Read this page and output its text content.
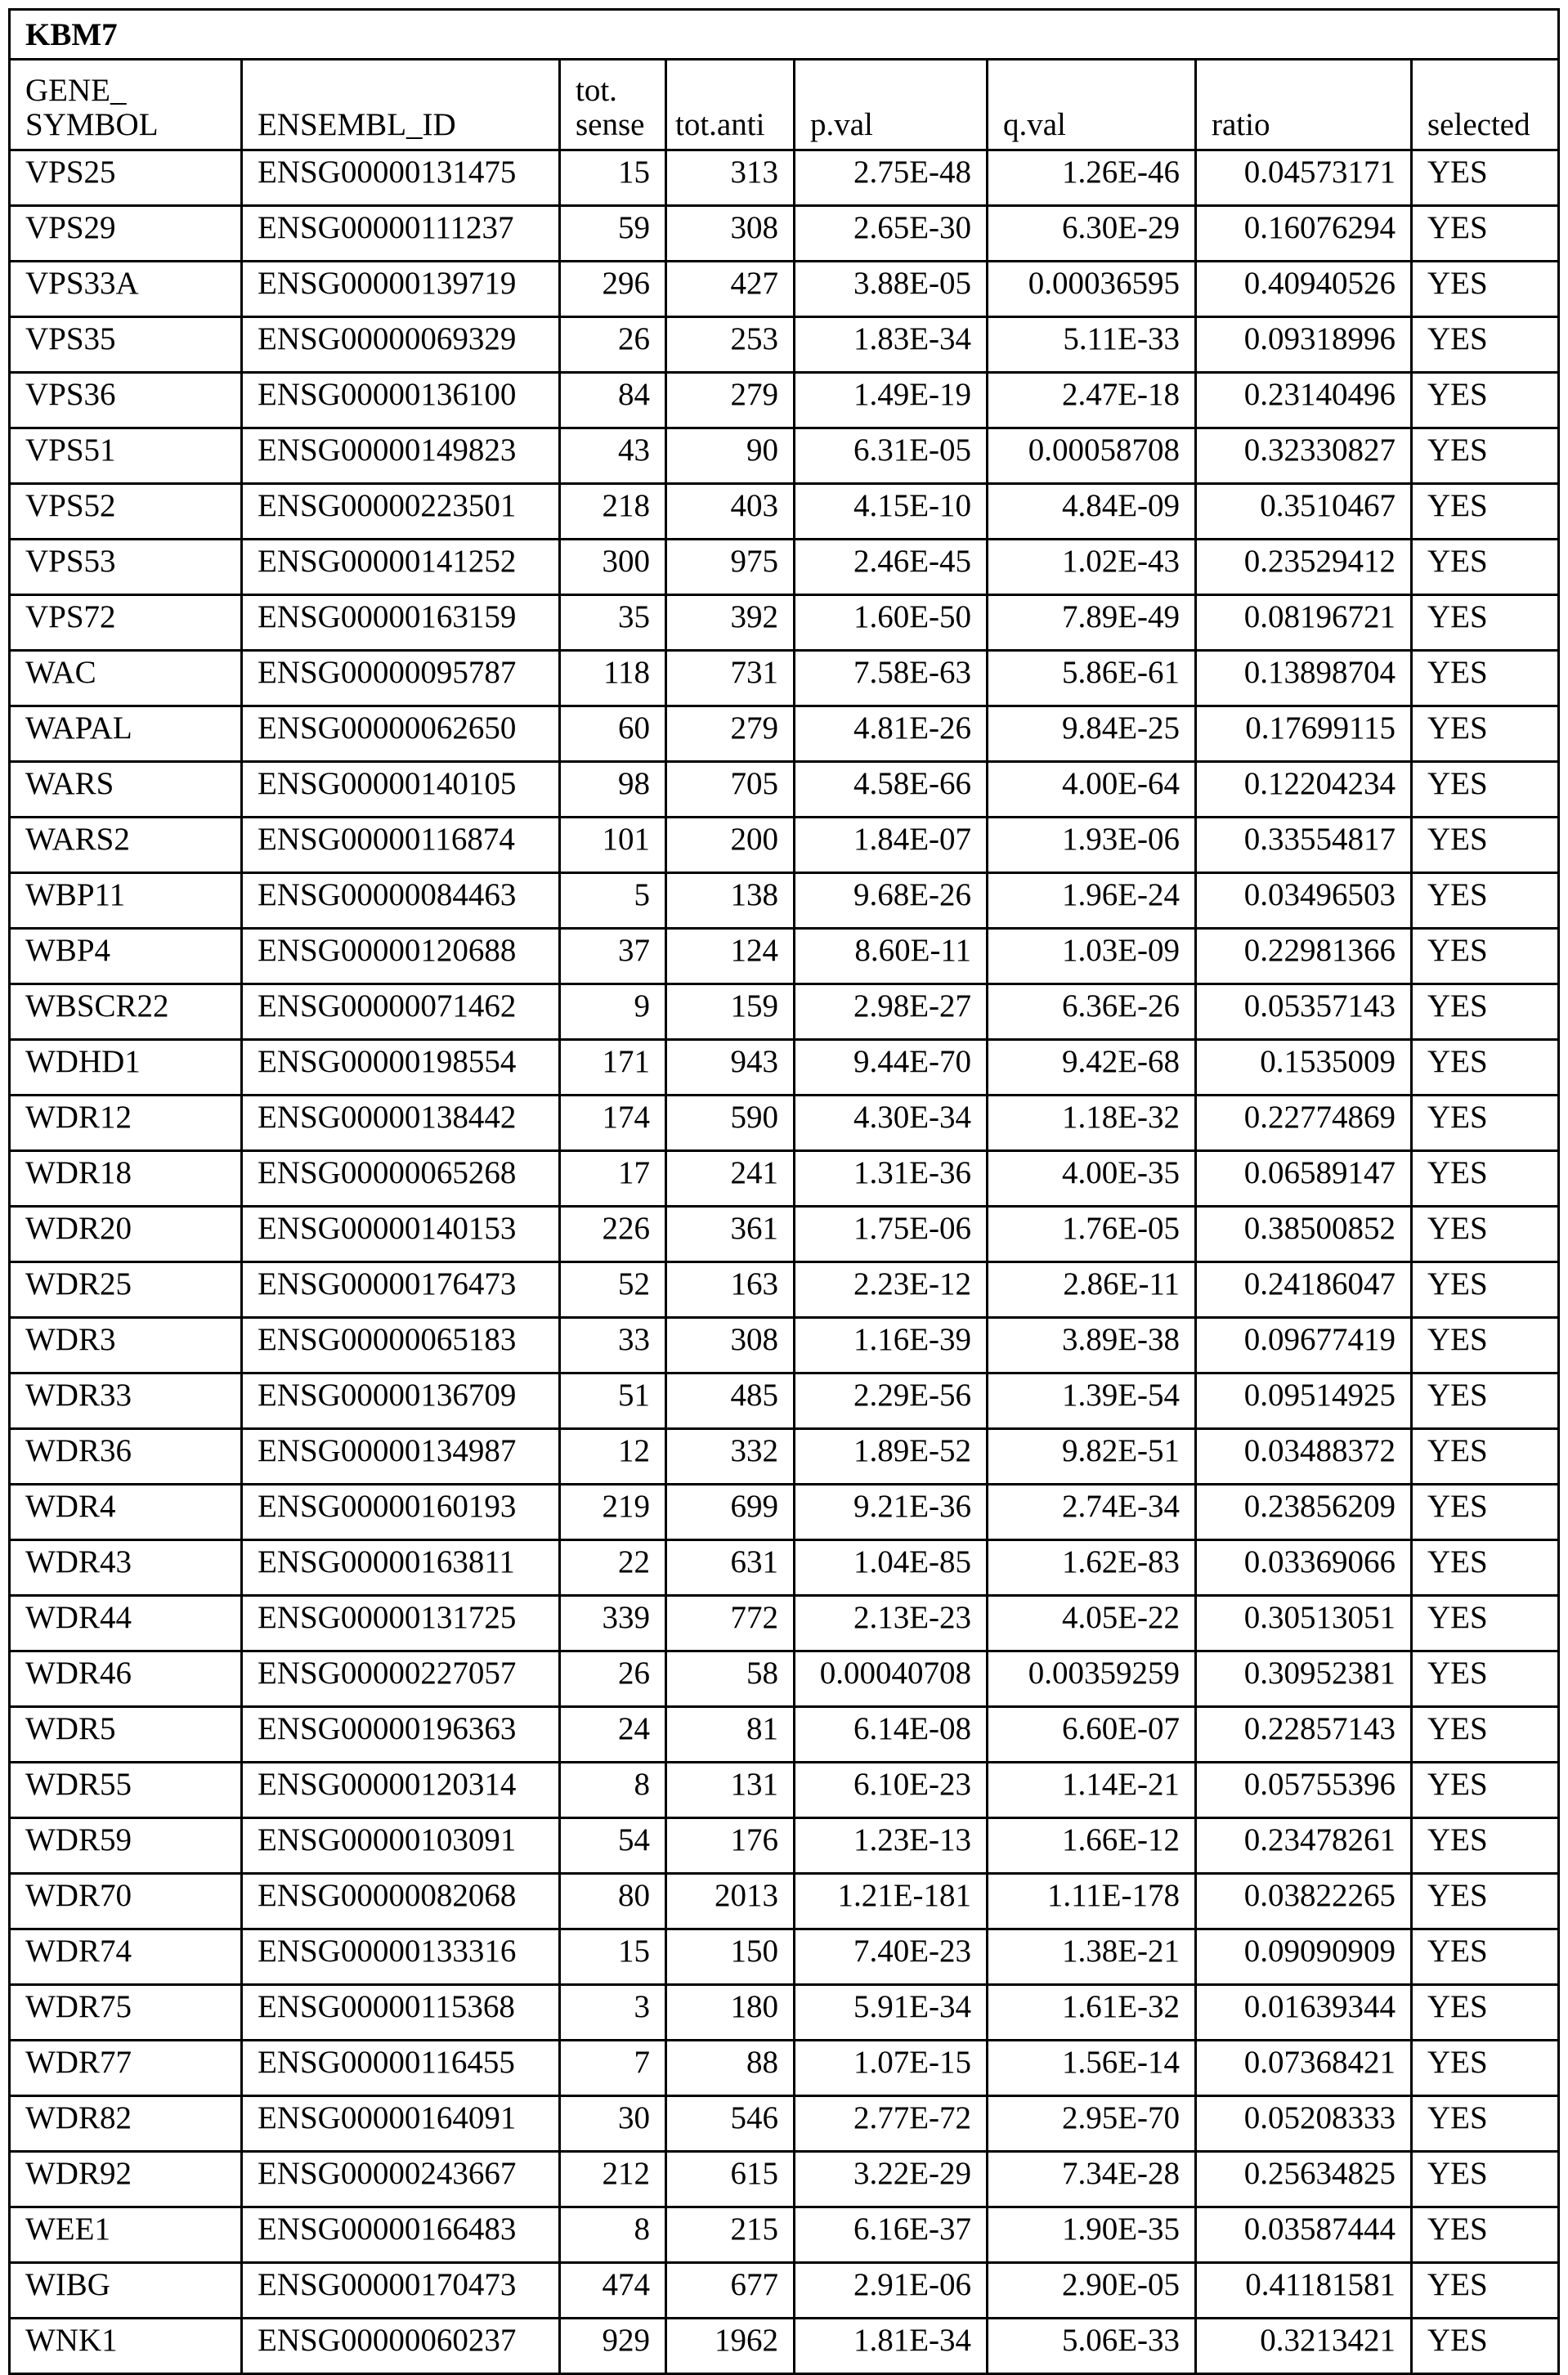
KBM7
GENE_ SYMBOL	ENSEMBL_ID	tot. sense	tot.anti	p.val	q.val	ratio	selected
VPS25	ENSG00000131475	15	313	2.75E-48	1.26E-46	0.04573171	YES
VPS29	ENSG00000111237	59	308	2.65E-30	6.30E-29	0.16076294	YES
VPS33A	ENSG00000139719	296	427	3.88E-05	0.00036595	0.40940526	YES
VPS35	ENSG00000069329	26	253	1.83E-34	5.11E-33	0.09318996	YES
VPS36	ENSG00000136100	84	279	1.49E-19	2.47E-18	0.23140496	YES
VPS51	ENSG00000149823	43	90	6.31E-05	0.00058708	0.32330827	YES
VPS52	ENSG00000223501	218	403	4.15E-10	4.84E-09	0.3510467	YES
VPS53	ENSG00000141252	300	975	2.46E-45	1.02E-43	0.23529412	YES
VPS72	ENSG00000163159	35	392	1.60E-50	7.89E-49	0.08196721	YES
WAC	ENSG00000095787	118	731	7.58E-63	5.86E-61	0.13898704	YES
WAPAL	ENSG00000062650	60	279	4.81E-26	9.84E-25	0.17699115	YES
WARS	ENSG00000140105	98	705	4.58E-66	4.00E-64	0.12204234	YES
WARS2	ENSG00000116874	101	200	1.84E-07	1.93E-06	0.33554817	YES
WBP11	ENSG00000084463	5	138	9.68E-26	1.96E-24	0.03496503	YES
WBP4	ENSG00000120688	37	124	8.60E-11	1.03E-09	0.22981366	YES
WBSCR22	ENSG00000071462	9	159	2.98E-27	6.36E-26	0.05357143	YES
WDHD1	ENSG00000198554	171	943	9.44E-70	9.42E-68	0.1535009	YES
WDR12	ENSG00000138442	174	590	4.30E-34	1.18E-32	0.22774869	YES
WDR18	ENSG00000065268	17	241	1.31E-36	4.00E-35	0.06589147	YES
WDR20	ENSG00000140153	226	361	1.75E-06	1.76E-05	0.38500852	YES
WDR25	ENSG00000176473	52	163	2.23E-12	2.86E-11	0.24186047	YES
WDR3	ENSG00000065183	33	308	1.16E-39	3.89E-38	0.09677419	YES
WDR33	ENSG00000136709	51	485	2.29E-56	1.39E-54	0.09514925	YES
WDR36	ENSG00000134987	12	332	1.89E-52	9.82E-51	0.03488372	YES
WDR4	ENSG00000160193	219	699	9.21E-36	2.74E-34	0.23856209	YES
WDR43	ENSG00000163811	22	631	1.04E-85	1.62E-83	0.03369066	YES
WDR44	ENSG00000131725	339	772	2.13E-23	4.05E-22	0.30513051	YES
WDR46	ENSG00000227057	26	58	0.00040708	0.00359259	0.30952381	YES
WDR5	ENSG00000196363	24	81	6.14E-08	6.60E-07	0.22857143	YES
WDR55	ENSG00000120314	8	131	6.10E-23	1.14E-21	0.05755396	YES
WDR59	ENSG00000103091	54	176	1.23E-13	1.66E-12	0.23478261	YES
WDR70	ENSG00000082068	80	2013	1.21E-181	1.11E-178	0.03822265	YES
WDR74	ENSG00000133316	15	150	7.40E-23	1.38E-21	0.09090909	YES
WDR75	ENSG00000115368	3	180	5.91E-34	1.61E-32	0.01639344	YES
WDR77	ENSG00000116455	7	88	1.07E-15	1.56E-14	0.07368421	YES
WDR82	ENSG00000164091	30	546	2.77E-72	2.95E-70	0.05208333	YES
WDR92	ENSG00000243667	212	615	3.22E-29	7.34E-28	0.25634825	YES
WEE1	ENSG00000166483	8	215	6.16E-37	1.90E-35	0.03587444	YES
WIBG	ENSG00000170473	474	677	2.91E-06	2.90E-05	0.41181581	YES
WNK1	ENSG00000060237	929	1962	1.81E-34	5.06E-33	0.3213421	YES
